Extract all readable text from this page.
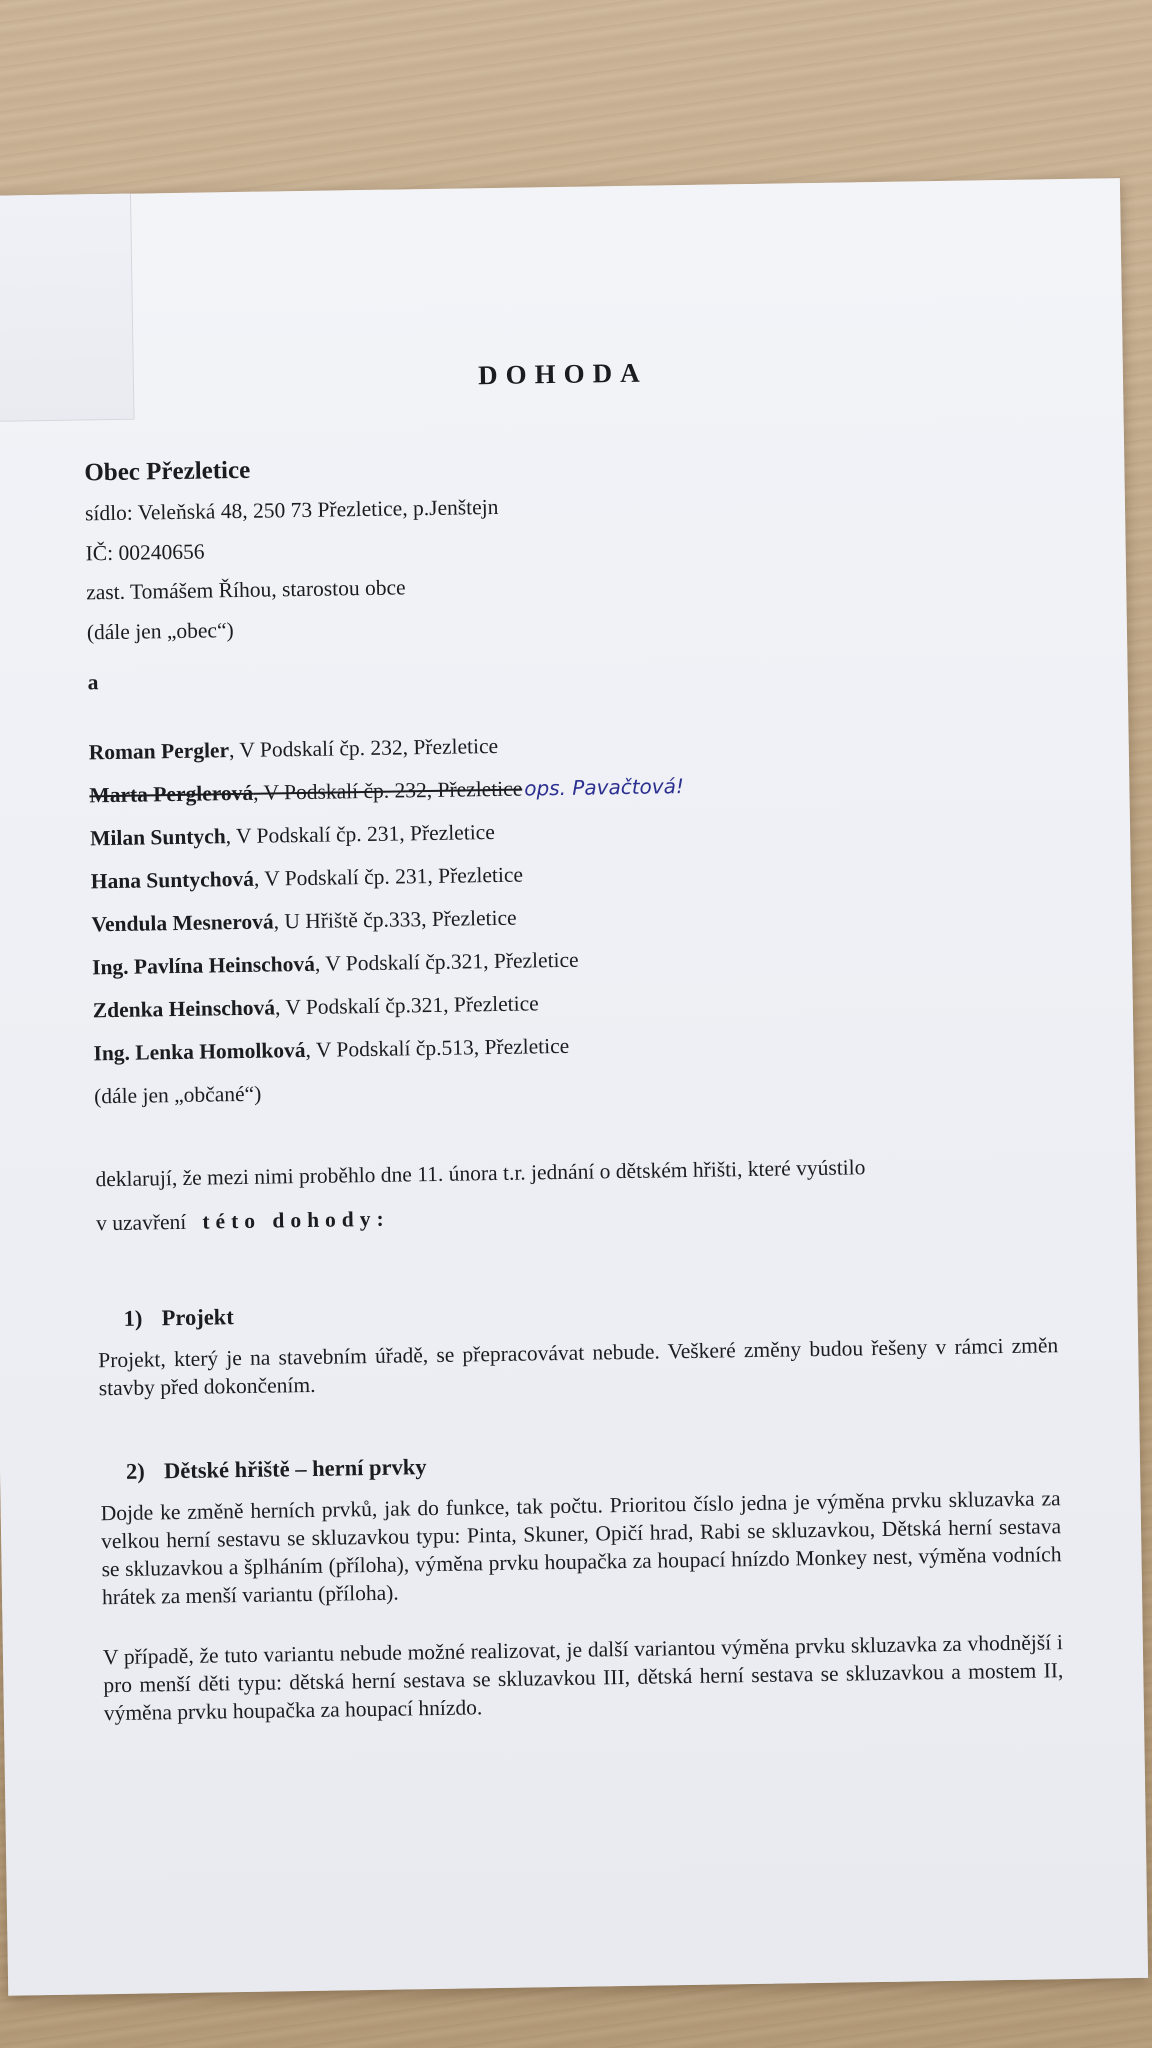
DOHODA
Obec Přezletice
sídlo: Veleňská 48, 250 73 Přezletice, p.Jenštejn
IČ: 00240656
zast. Tomášem Říhou, starostou obce
(dále jen „obec“)
a
Roman Pergler, V Podskalí čp. 232, Přezletice
Marta Perglerová, V Podskalí čp. 232, Přezleticeops. Pavačtová!
Milan Suntych, V Podskalí čp. 231, Přezletice
Hana Suntychová, V Podskalí čp. 231, Přezletice
Vendula Mesnerová, U Hřiště čp.333, Přezletice
Ing. Pavlína Heinschová, V Podskalí čp.321, Přezletice
Zdenka Heinschová, V Podskalí čp.321, Přezletice
Ing. Lenka Homolková, V Podskalí čp.513, Přezletice
(dále jen „občané“)
deklarují, že mezi nimi proběhlo dne 11. února t.r. jednání o dětském hřišti, které vyústilo
v uzavření této dohody:
1) Projekt
Projekt, který je na stavebním úřadě, se přepracovávat nebude. Veškeré změny budou řešeny v rámci změn stavby před dokončením.
2) Dětské hřiště – herní prvky
Dojde ke změně herních prvků, jak do funkce, tak počtu. Prioritou číslo jedna je výměna prvku skluzavka za velkou herní sestavu se skluzavkou typu: Pinta, Skuner, Opičí hrad, Rabi se skluzavkou, Dětská herní sestava se skluzavkou a šplháním (příloha), výměna prvku houpačka za houpací hnízdo Monkey nest, výměna vodních hrátek za menší variantu (příloha).
V případě, že tuto variantu nebude možné realizovat, je další variantou výměna prvku skluzavka za vhodnější i pro menší děti typu: dětská herní sestava se skluzavkou III, dětská herní sestava se skluzavkou a mostem II, výměna prvku houpačka za houpací hnízdo.
